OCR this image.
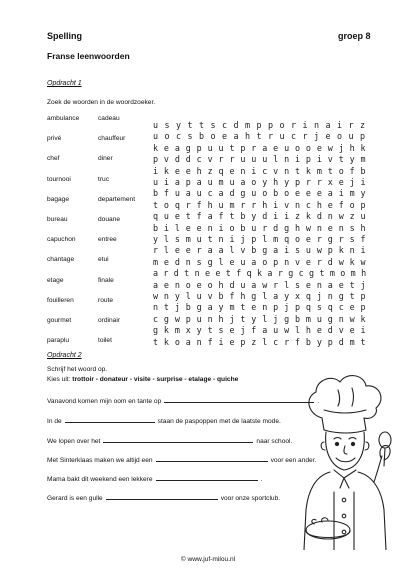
Spelling	groep 8
Franse leenwoorden
Opdracht 1
Zoek de woorden in de woordzoeker.
ambulance	cadeau
privé	chauffeur
chef	diner
tournooi	truc
bagage	departement
bureau	douane
capuchon	entree
chantage	etui
etage	finale
fouilleren	route
gourmet	ordinair
paraplu	toilet
u s y t t s c d m p p o r i n a i r z
u o c s b o e a h t r u c r j e o u p
k e a g p u u t p r a e u o o e w j h k
p v d d c v r r u u u l n i p i v t y m
i k e e h z q e n i c v n t k m t o f b
u i a p a u m u a o y h y p r r x e j i
b f u a u c a d g u o b o e e e a i m y
t o q r f h u m r r h i v n c h e f o p
q u e t f a f t b y d i i z k d n w z u
b i l e e n i o b u r d g h w n e n s h
y l s m u t n i j p l m q o e r g r s f
r l e e r a a l v b g a i s u w p k n i
m e d n s g l e u a o p n v e r d w k w
a r d t n e e t f q k a r g c g t m o m h
a e n o e o h d u a w r l s e n a e t j
w n y l u v b f h g l a y x q j n g t p
n t j b g a y m t e n p j p q s q c e p
c g w p u n h j t y l j g b m u g n w k
g k m x y t s e j f a u w l h e d v e i
t k o a n f i e p z l c r f b y p d m t
Opdracht 2
Schrijf het woord op.
Kies uit: trottoir - donateur - visite - surprise - etalage - quiche
Vanavond komen mijn oom en tante op	.
In de	staan de paspoppen met de laatste mode.
We lopen over het	naar school.
Met Sinterklaas maken we altijd een	voor een ander.
Mama bakt dit weekend een lekkere	.
Gerard is een gulle	voor onze sportclub.
© www.juf-milou.nl
